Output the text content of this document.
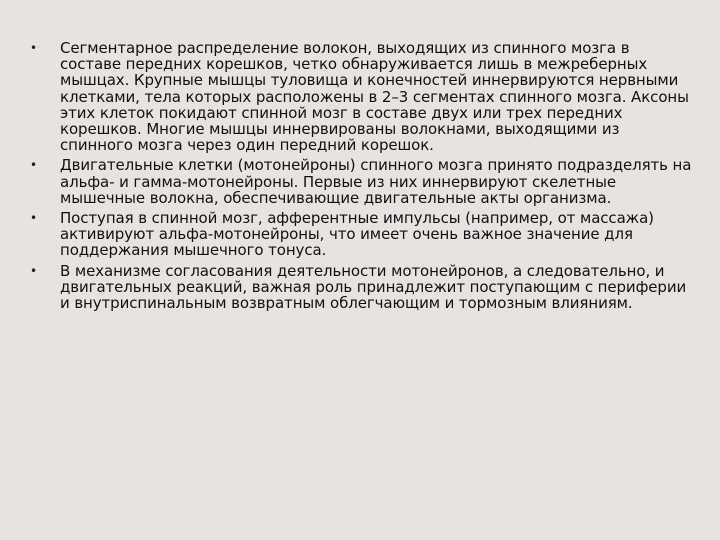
• Сегментарное распределение волокон, выходящих из спинного мозга в составе передних корешков, четко обнаруживается лишь в межреберных мышцах. Крупные мышцы туловища и конечностей иннервируются нервными клетками, тела которых расположены в 2–3 сегментах спинного мозга. Аксоны этих клеток покидают спинной мозг в составе двух или трех передних корешков. Многие мышцы иннервированы волокнами, выходящими из спинного мозга через один передний корешок.
• Двигательные клетки (мотонейроны) спинного мозга принято подразделять на альфа- и гамма-мотонейроны. Первые из них иннервируют скелетные мышечные волокна, обеспечивающие двигательные акты организма.
• Поступая в спинной мозг, афферентные импульсы (например, от массажа) активируют альфа-мотонейроны, что имеет очень важное значение для поддержания мышечного тонуса.
• В механизме согласования деятельности мотонейронов, а следовательно, и двигательных реакций, важная роль принадлежит поступающим с периферии и внутриспинальным возвратным облегчающим и тормозным влияниям.
